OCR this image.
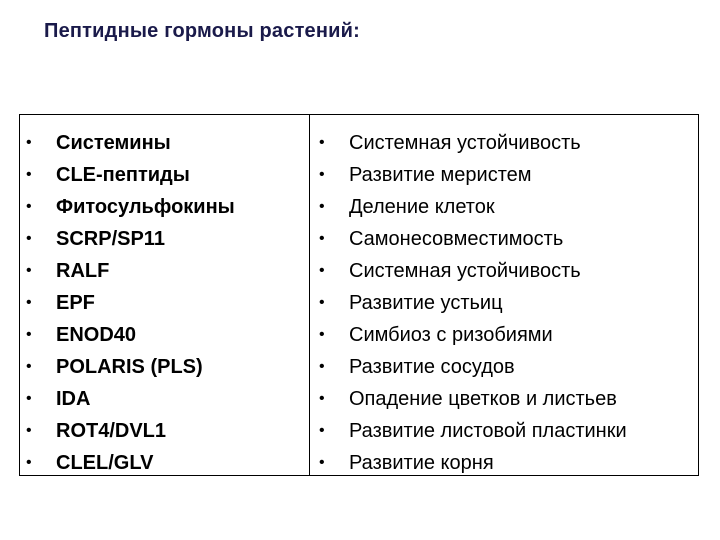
Пептидные гормоны растений:
• Системины
• CLE-пептиды
• Фитосульфокины
• SCRP/SP11
• RALF
• EPF
• ENOD40
• POLARIS (PLS)
• IDA
• ROT4/DVL1
• CLEL/GLV
• Системная устойчивость
• Развитие меристем
• Деление клеток
• Самонесовместимость
• Системная устойчивость
• Развитие устьиц
• Симбиоз с ризобиями
• Развитие сосудов
• Опадение цветков и листьев
• Развитие листовой пластинки
• Развитие корня
